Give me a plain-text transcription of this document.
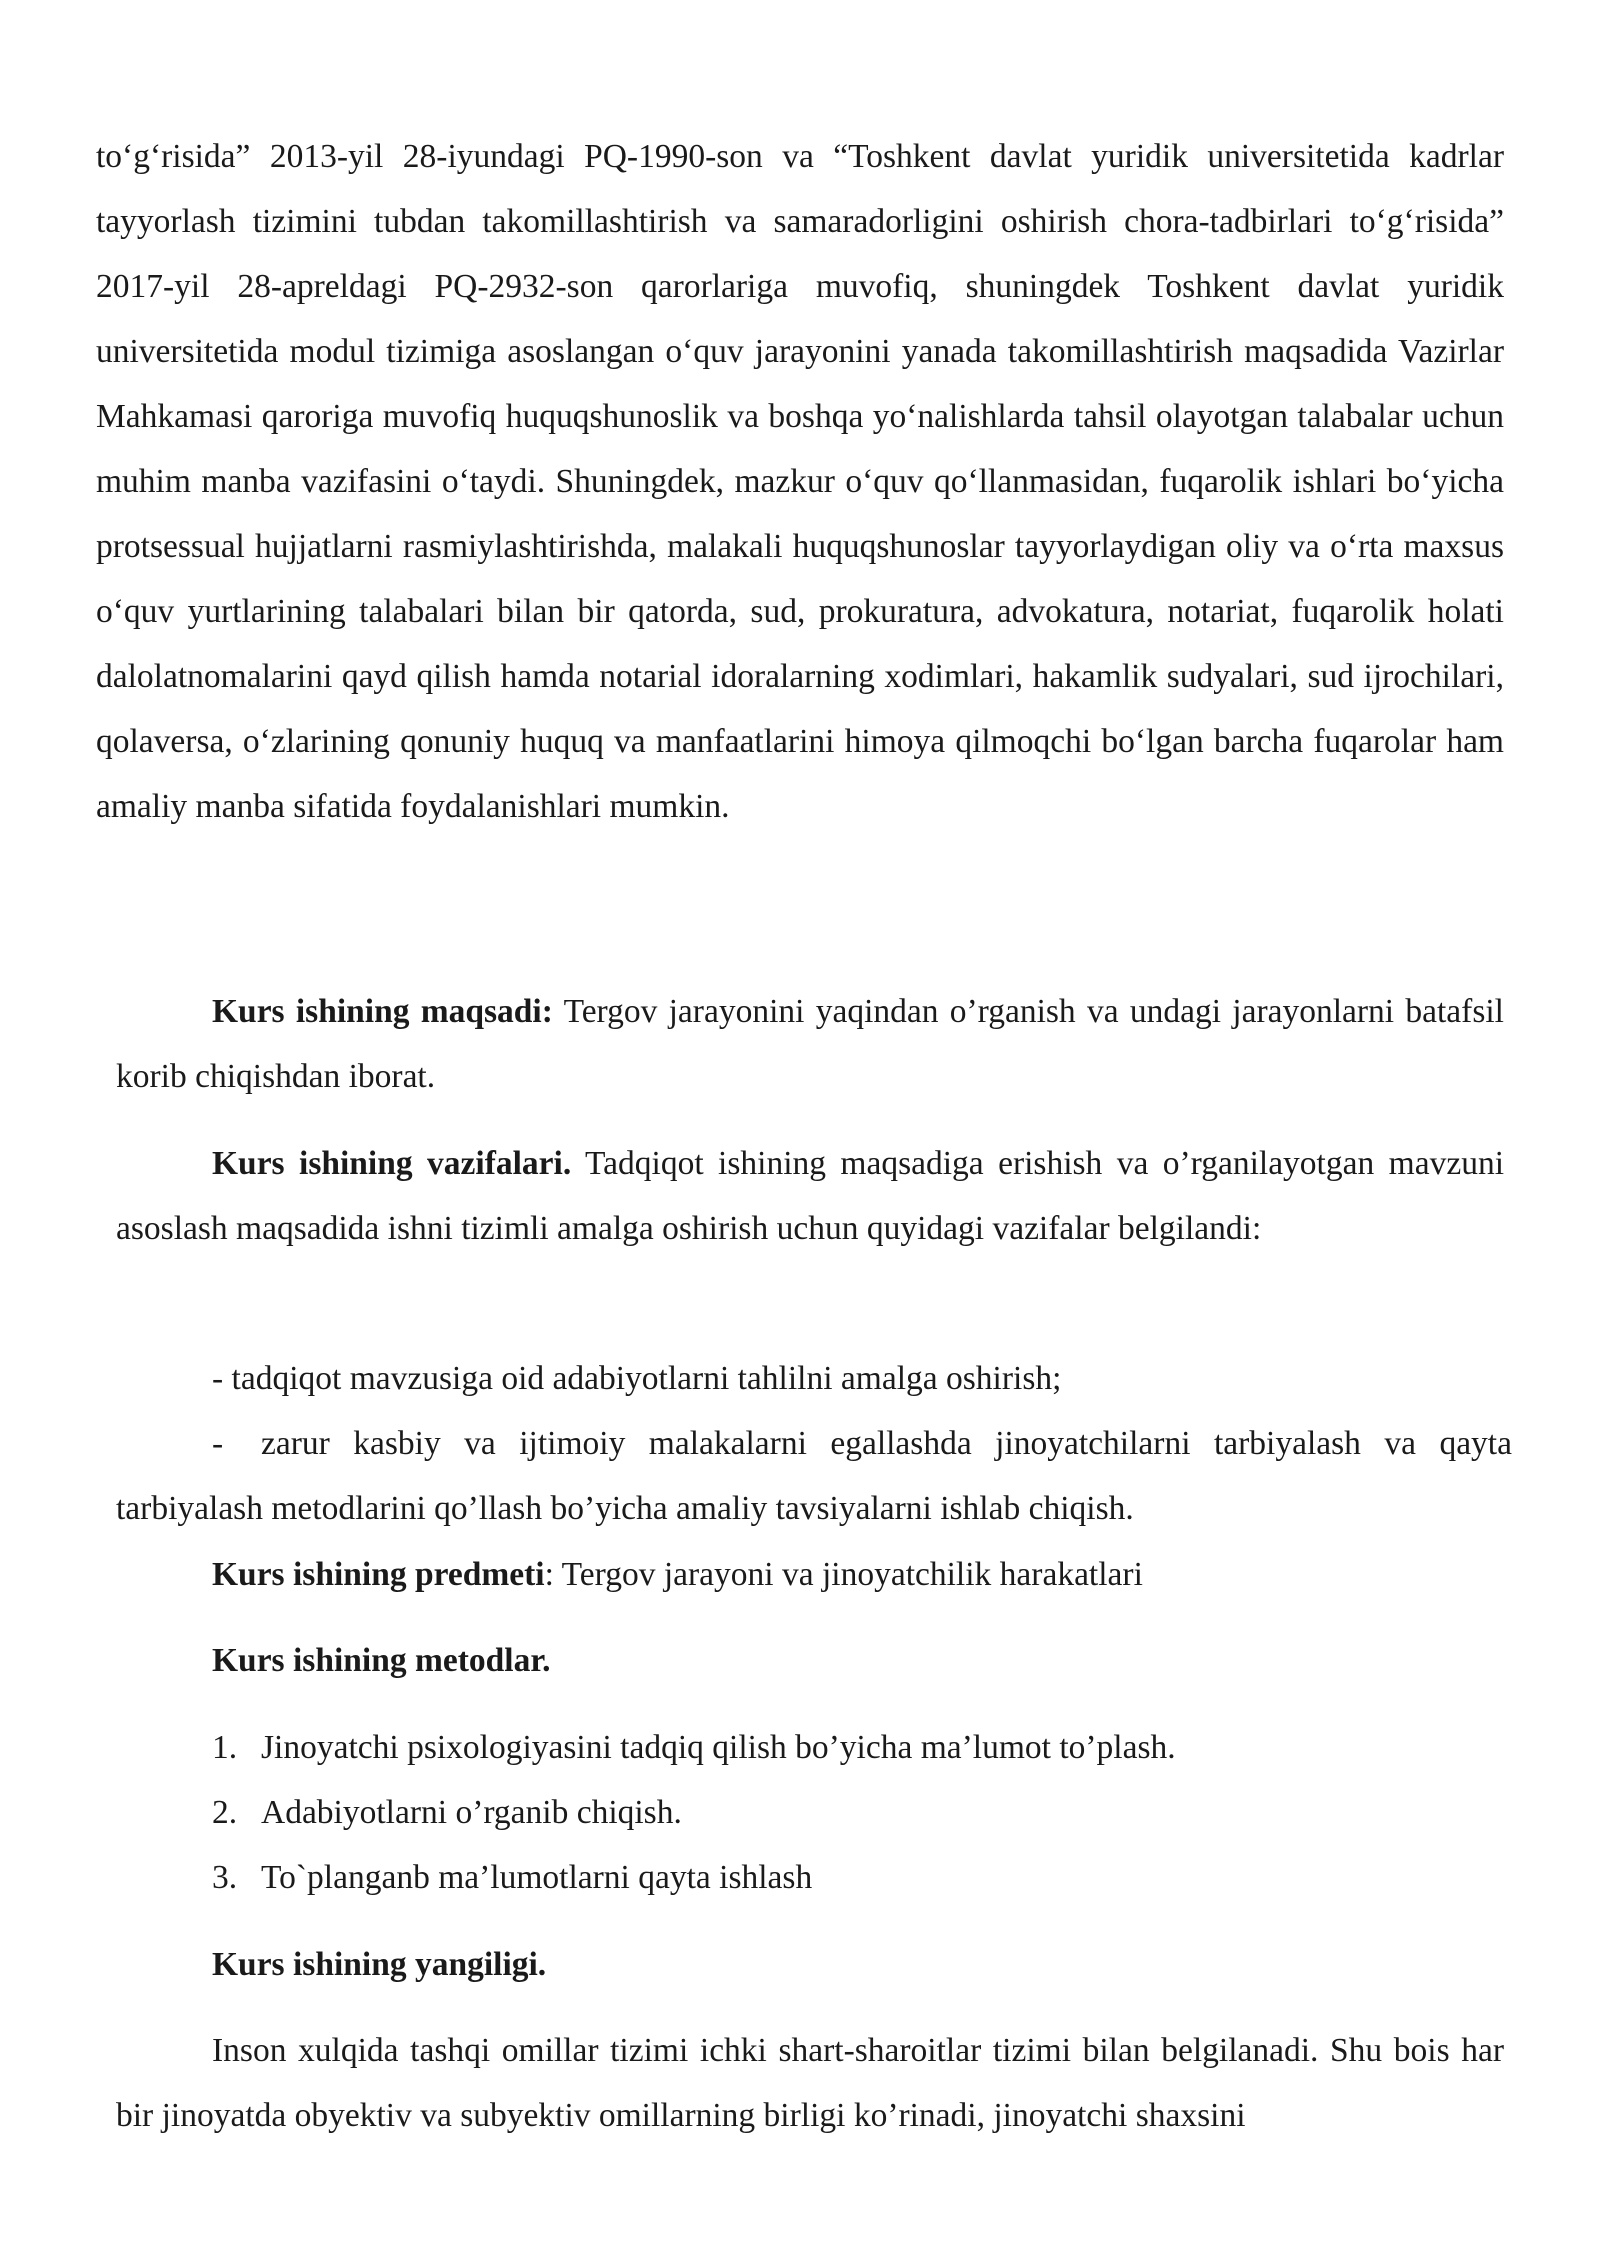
to‘g‘risida” 2013-yil 28-iyundagi PQ-1990-son va “Toshkent davlat yuridik universitetida kadrlar tayyorlash tizimini tubdan takomillashtirish va samaradorligini oshirish chora-tadbirlari to‘g‘risida” 2017-yil 28-apreldagi PQ-2932-son qarorlariga muvofiq, shuningdek Toshkent davlat yuridik universitetida modul tizimiga asoslangan o‘quv jarayonini yanada takomillashtirish maqsadida Vazirlar Mahkamasi qaroriga muvofiq huquqshunoslik va boshqa yo‘nalishlarda tahsil olayotgan talabalar uchun muhim manba vazifasini o‘taydi. Shuningdek, mazkur o‘quv qo‘llanmasidan, fuqarolik ishlari bo‘yicha protsessual hujjatlarni rasmiylashtirishda, malakali huquqshunoslar tayyorlaydigan oliy va o‘rta maxsus o‘quv yurtlarining talabalari bilan bir qatorda, sud, prokuratura, advokatura, notariat, fuqarolik holati dalolatnomalarini qayd qilish hamda notarial idoralarning xodimlari, hakamlik sudyalari, sud ijrochilari, qolaversa, o‘zlarining qonuniy huquq va manfaatlarini himoya qilmoqchi bo‘lgan barcha fuqarolar ham amaliy manba sifatida foydalanishlari mumkin.

Kurs ishining maqsadi: Tergov jarayonini yaqindan o’rganish va undagi jarayonlarni batafsil korib chiqishdan iborat.

Kurs ishining vazifalari. Tadqiqot ishining maqsadiga erishish va o’rganilayotgan mavzuni asoslash maqsadida ishni tizimli amalga oshirish uchun quyidagi vazifalar belgilandi:

- tadqiqot mavzusiga oid adabiyotlarni tahlilni amalga oshirish;
-	zarur kasbiy va ijtimoiy malakalarni egallashda jinoyatchilarni tarbiyalash va qayta tarbiyalash metodlarini qo’llash bo’yicha amaliy tavsiyalarni ishlab chiqish.

Kurs ishining predmeti: Tergov jarayoni va jinoyatchilik harakatlari

Kurs ishining metodlar.

1. Jinoyatchi psixologiyasini tadqiq qilish bo’yicha ma’lumot to’plash.
2. Adabiyotlarni o’rganib chiqish.
3. To`planganb ma’lumotlarni qayta ishlash

Kurs ishining yangiligi.

Inson xulqida tashqi omillar tizimi ichki shart-sharoitlar tizimi bilan belgilanadi. Shu bois har bir jinoyatda obyektiv va subyektiv omillarning birligi ko’rinadi, jinoyatchi shaxsini
